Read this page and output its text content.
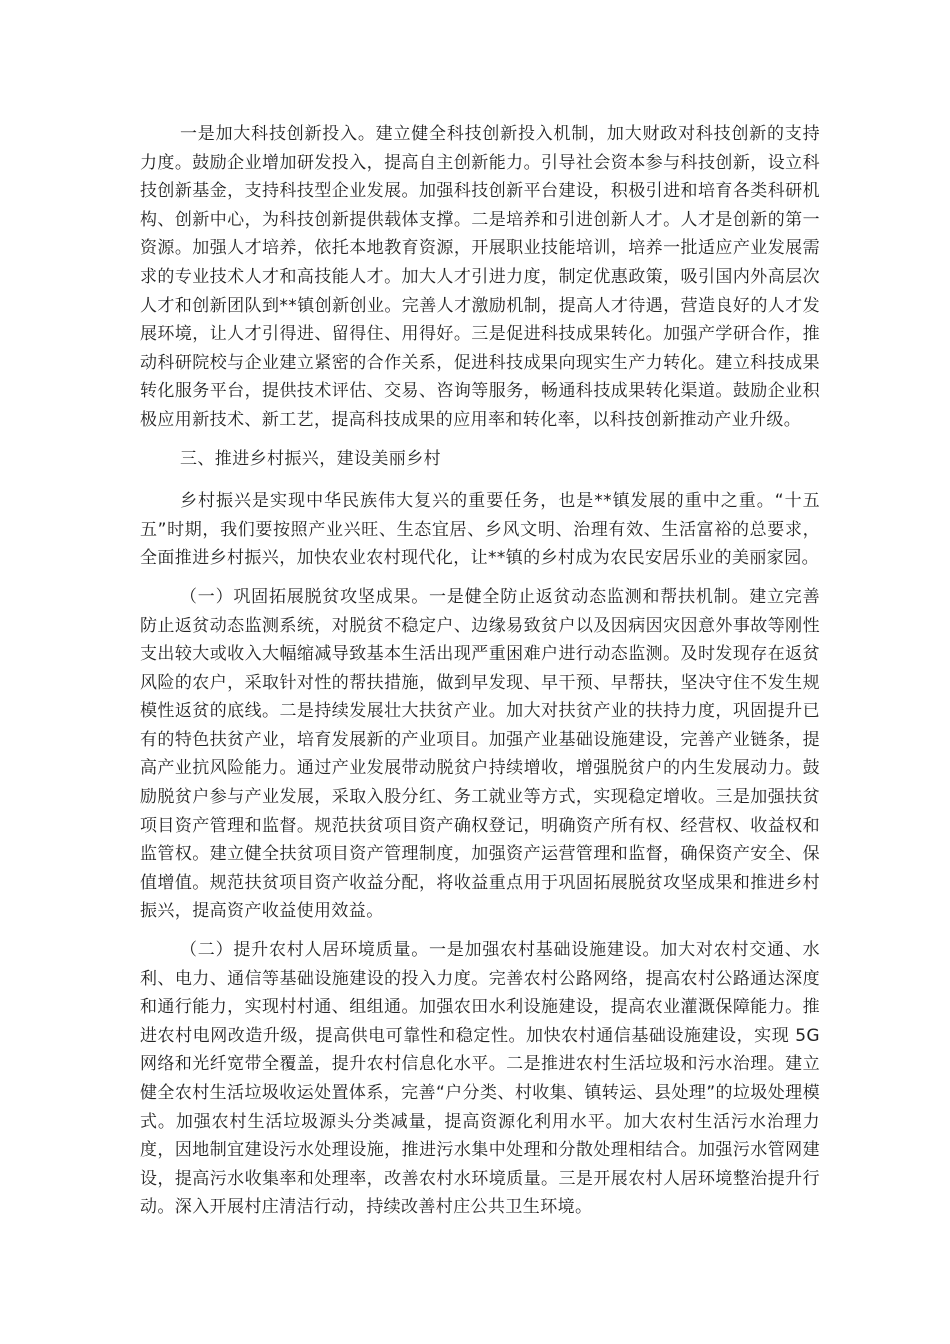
一是加大科技创新投入。建立健全科技创新投入机制，加大财政对科技创新的支持力度。鼓励企业增加研发投入，提高自主创新能力。引导社会资本参与科技创新，设立科技创新基金，支持科技型企业发展。加强科技创新平台建设，积极引进和培育各类科研机构、创新中心，为科技创新提供载体支撑。二是培养和引进创新人才。人才是创新的第一资源。加强人才培养，依托本地教育资源，开展职业技能培训，培养一批适应产业发展需求的专业技术人才和高技能人才。加大人才引进力度，制定优惠政策，吸引国内外高层次人才和创新团队到**镇创新创业。完善人才激励机制，提高人才待遇，营造良好的人才发展环境，让人才引得进、留得住、用得好。三是促进科技成果转化。加强产学研合作，推动科研院校与企业建立紧密的合作关系，促进科技成果向现实生产力转化。建立科技成果转化服务平台，提供技术评估、交易、咨询等服务，畅通科技成果转化渠道。鼓励企业积极应用新技术、新工艺，提高科技成果的应用率和转化率，以科技创新推动产业升级。

三、推进乡村振兴，建设美丽乡村

乡村振兴是实现中华民族伟大复兴的重要任务，也是**镇发展的重中之重。“十五五”时期，我们要按照产业兴旺、生态宜居、乡风文明、治理有效、生活富裕的总要求，全面推进乡村振兴，加快农业农村现代化，让**镇的乡村成为农民安居乐业的美丽家园。

（一）巩固拓展脱贫攻坚成果。一是健全防止返贫动态监测和帮扶机制。建立完善防止返贫动态监测系统，对脱贫不稳定户、边缘易致贫户以及因病因灾因意外事故等刚性支出较大或收入大幅缩减导致基本生活出现严重困难户进行动态监测。及时发现存在返贫风险的农户，采取针对性的帮扶措施，做到早发现、早干预、早帮扶，坚决守住不发生规模性返贫的底线。二是持续发展壮大扶贫产业。加大对扶贫产业的扶持力度，巩固提升已有的特色扶贫产业，培育发展新的产业项目。加强产业基础设施建设，完善产业链条，提高产业抗风险能力。通过产业发展带动脱贫户持续增收，增强脱贫户的内生发展动力。鼓励脱贫户参与产业发展，采取入股分红、务工就业等方式，实现稳定增收。三是加强扶贫项目资产管理和监督。规范扶贫项目资产确权登记，明确资产所有权、经营权、收益权和监管权。建立健全扶贫项目资产管理制度，加强资产运营管理和监督，确保资产安全、保值增值。规范扶贫项目资产收益分配，将收益重点用于巩固拓展脱贫攻坚成果和推进乡村振兴，提高资产收益使用效益。

（二）提升农村人居环境质量。一是加强农村基础设施建设。加大对农村交通、水利、电力、通信等基础设施建设的投入力度。完善农村公路网络，提高农村公路通达深度和通行能力，实现村村通、组组通。加强农田水利设施建设，提高农业灌溉保障能力。推进农村电网改造升级，提高供电可靠性和稳定性。加快农村通信基础设施建设，实现 5G 网络和光纤宽带全覆盖，提升农村信息化水平。二是推进农村生活垃圾和污水治理。建立健全农村生活垃圾收运处置体系，完善“户分类、村收集、镇转运、县处理”的垃圾处理模式。加强农村生活垃圾源头分类减量，提高资源化利用水平。加大农村生活污水治理力度，因地制宜建设污水处理设施，推进污水集中处理和分散处理相结合。加强污水管网建设，提高污水收集率和处理率，改善农村水环境质量。三是开展农村人居环境整治提升行动。深入开展村庄清洁行动，持续改善村庄公共卫生环境。
